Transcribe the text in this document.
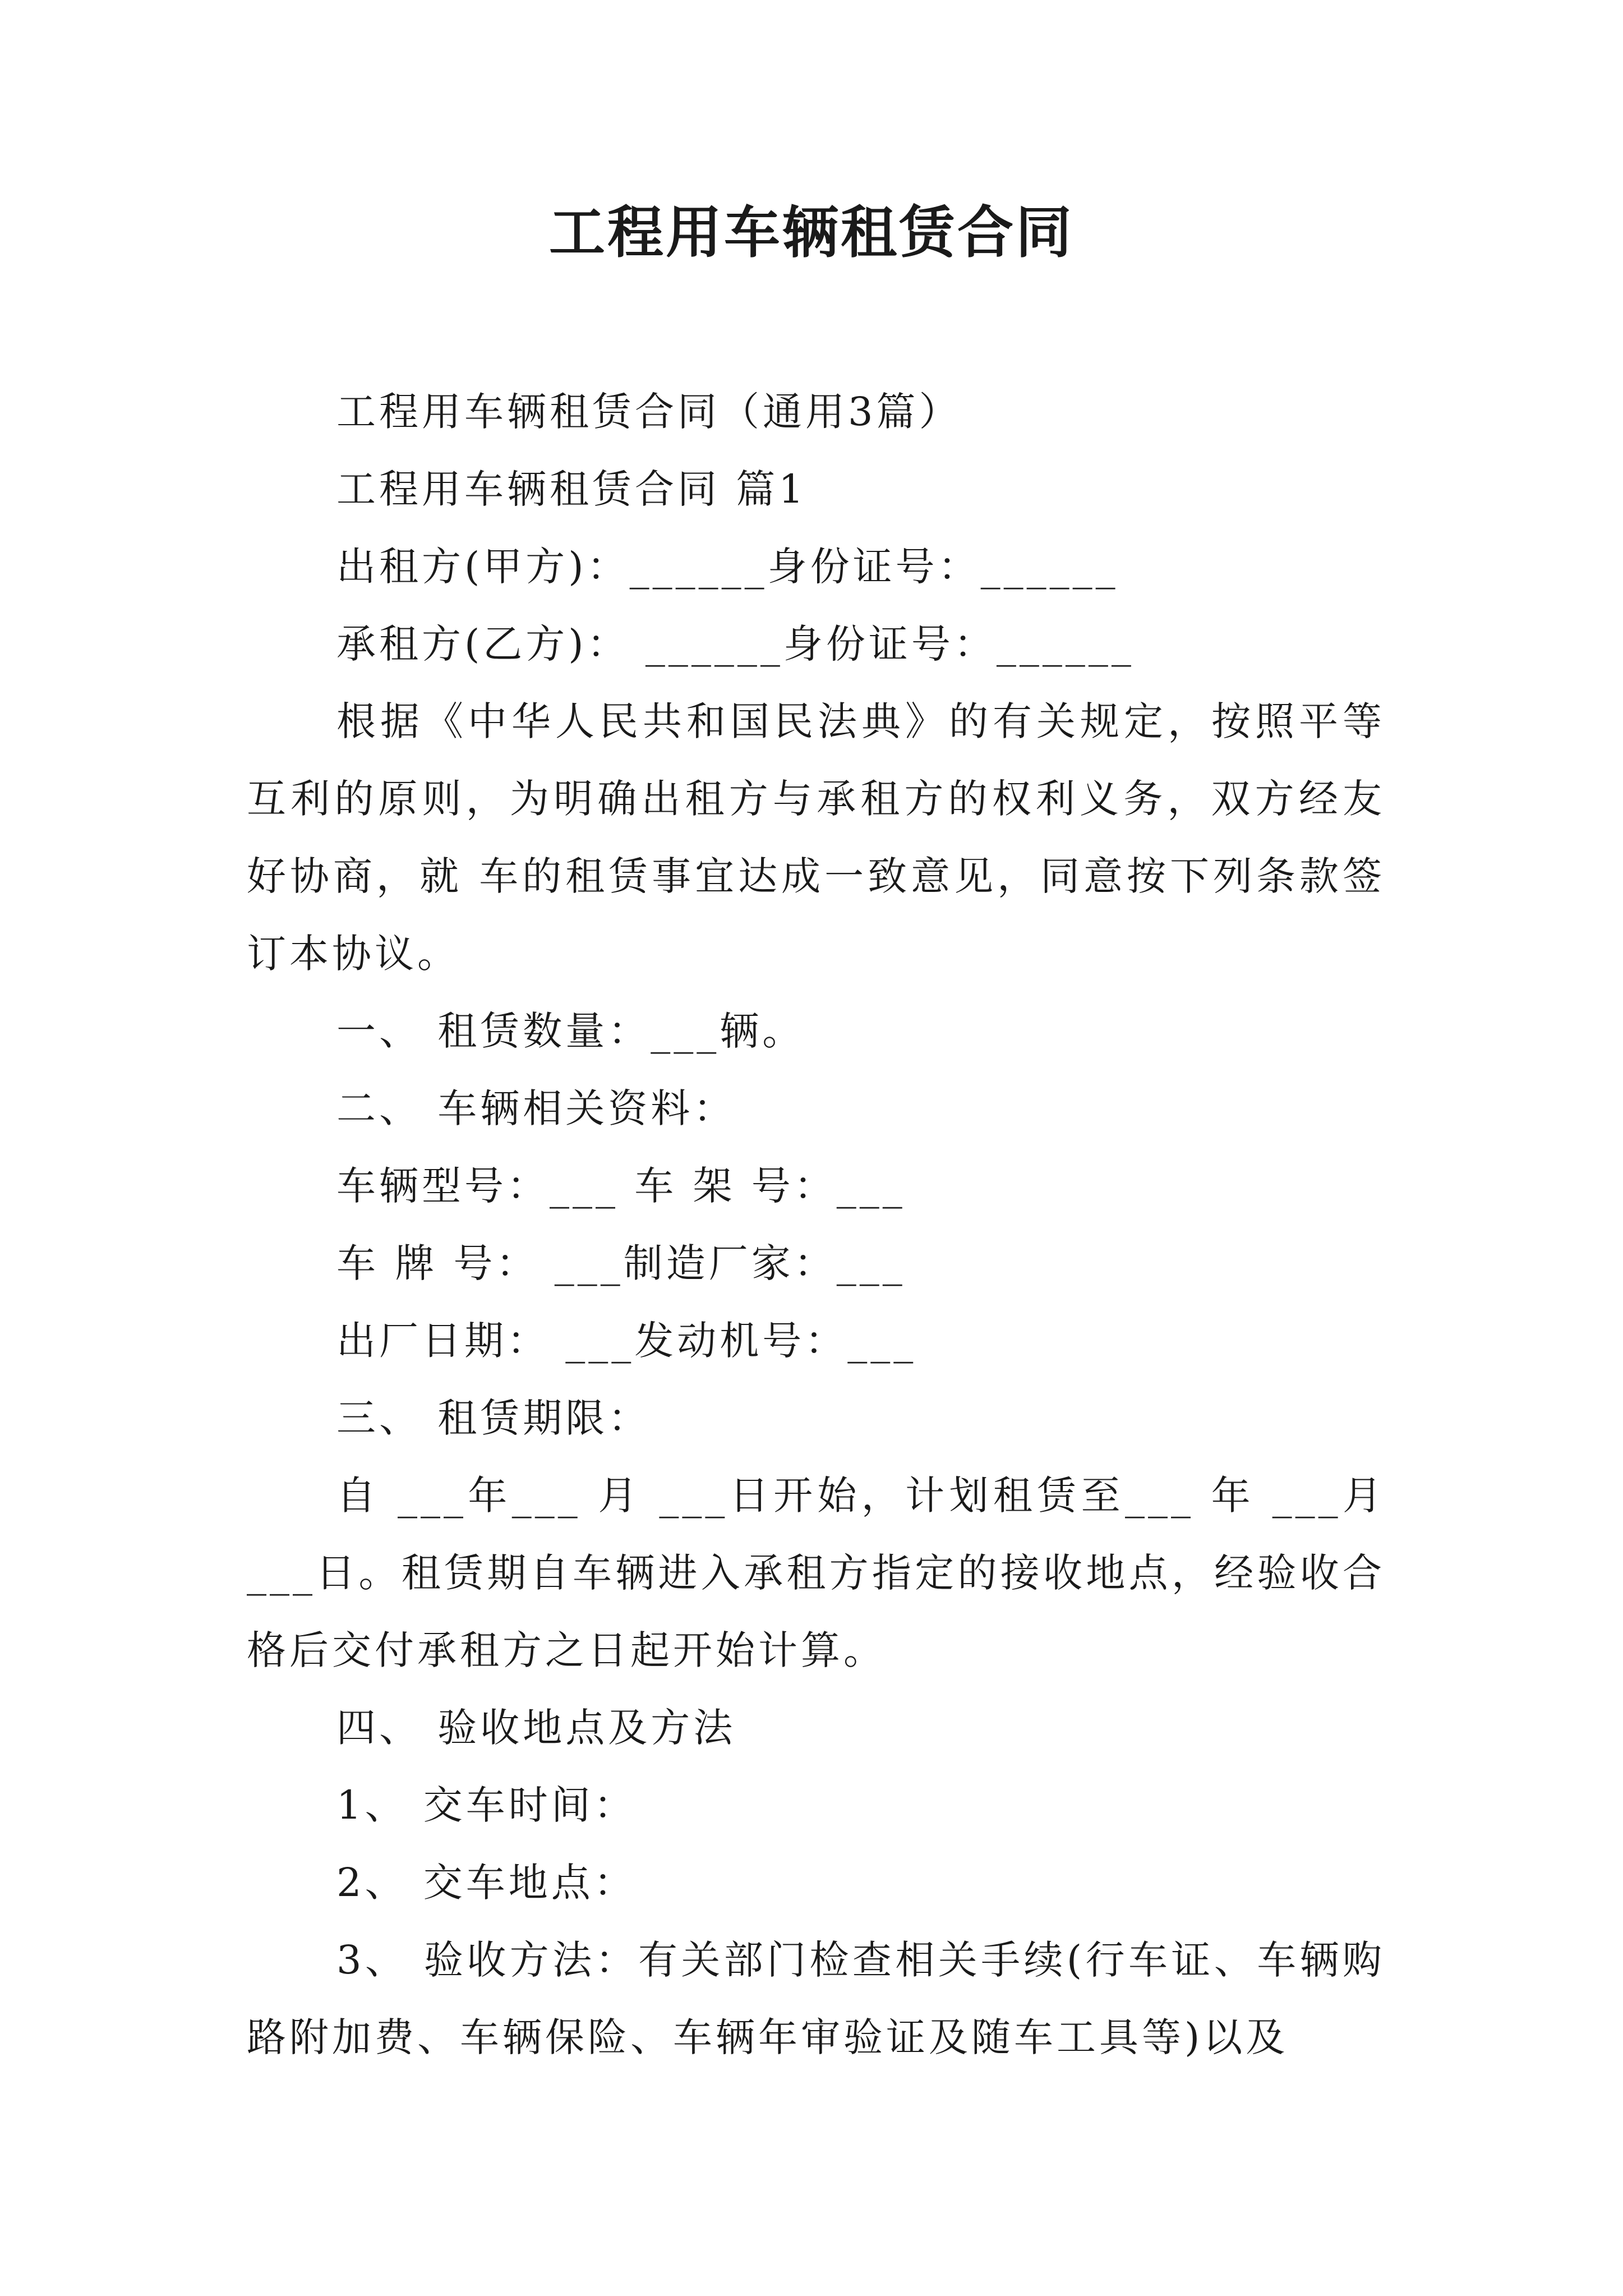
工程用车辆租赁合同

工程用车辆租赁合同（通用3篇）

工程用车辆租赁合同 篇1

出租方(甲方)：______身份证号：______

承租方(乙方)： ______身份证号：______

根据《中华人民共和国民法典》的有关规定，按照平等互利的原则，为明确出租方与承租方的权利义务，双方经友好协商，就 车的租赁事宜达成一致意见，同意按下列条款签订本协议。

一、 租赁数量：___辆。

二、 车辆相关资料：

车辆型号：___ 车 架 号：___

车 牌 号： ___制造厂家：___

出厂日期： ___发动机号：___

三、 租赁期限：

自 ___年___ 月 ___日开始，计划租赁至___ 年 ___月___日。租赁期自车辆进入承租方指定的接收地点，经验收合格后交付承租方之日起开始计算。

四、 验收地点及方法

1、 交车时间：

2、 交车地点：

3、 验收方法：有关部门检查相关手续(行车证、车辆购路附加费、车辆保险、车辆年审验证及随车工具等)以及
